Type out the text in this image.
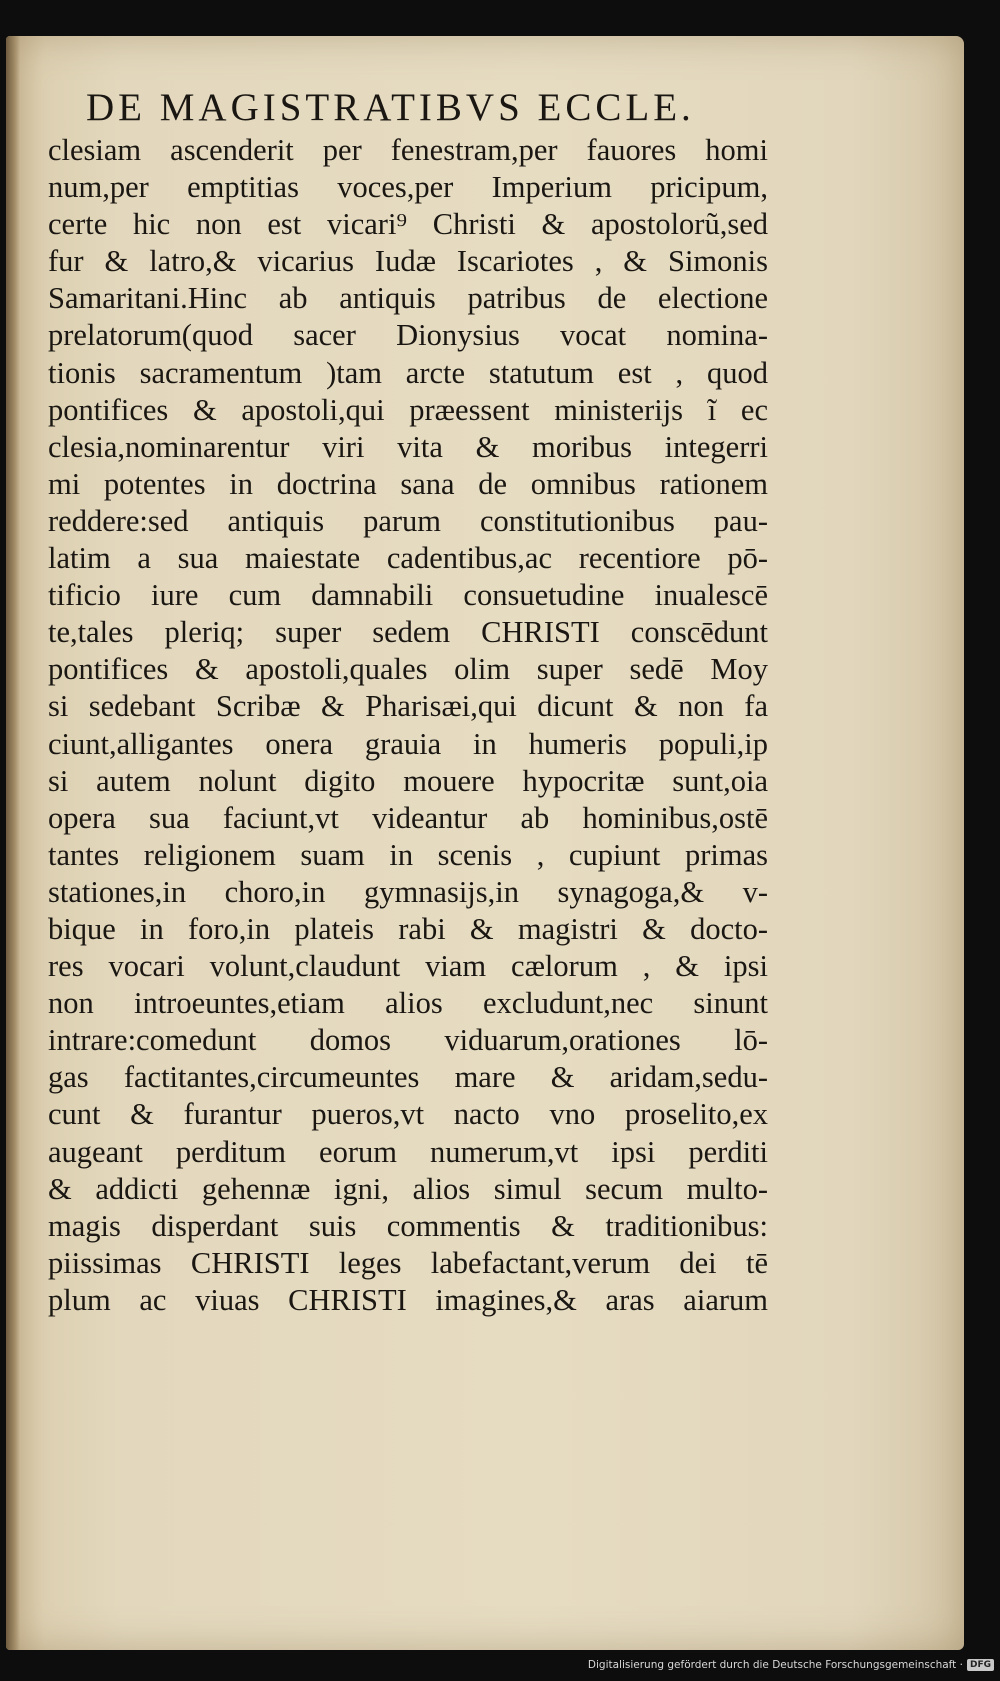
DE MAGISTRATIBVS ECCLE.
clesiam ascenderit per fenestram,per fauores homi
num,per emptitias voces,per Imperium pricipum,
certe hic non est vicari⁹ Christi & apostolorũ,sed
fur & latro,& vicarius Iudæ Iscariotes , & Simonis
Samaritani.Hinc ab antiquis patribus de electione
prelatorum(quod sacer Dionysius vocat nomina-
tionis sacramentum )tam arcte statutum est , quod
pontifices & apostoli,qui præessent ministerijs ĩ ec
clesia,nominarentur viri vita & moribus integerri
mi potentes in doctrina sana de omnibus rationem
reddere:sed antiquis parum constitutionibus pau-
latim a sua maiestate cadentibus,ac recentiore pō-
tificio iure cum damnabili consuetudine inualescē
te,tales pleriq; super sedem CHRISTI conscēdunt
pontifices & apostoli,quales olim super sedē Moy
si sedebant Scribæ & Pharisæi,qui dicunt & non fa
ciunt,alligantes onera grauia in humeris populi,ip
si autem nolunt digito mouere hypocritæ sunt,oia
opera sua faciunt,vt videantur ab hominibus,ostē
tantes religionem suam in scenis , cupiunt primas
stationes,in choro,in gymnasijs,in synagoga,& v-
bique in foro,in plateis rabi & magistri & docto-
res vocari volunt,claudunt viam cælorum , & ipsi
non introeuntes,etiam alios excludunt,nec sinunt
intrare:comedunt domos viduarum,orationes lō-
gas factitantes,circumeuntes mare & aridam,sedu-
cunt & furantur pueros,vt nacto vno proselito,ex
augeant perditum eorum numerum,vt ipsi perditi
& addicti gehennæ igni, alios simul secum multo-
magis disperdant suis commentis & traditionibus:
piissimas CHRISTI leges labefactant,verum dei tē
plum ac viuas CHRISTI imagines,& aras aiarum
Digitalisierung gefördert durch die Deutsche Forschungsgemeinschaft · DFG
